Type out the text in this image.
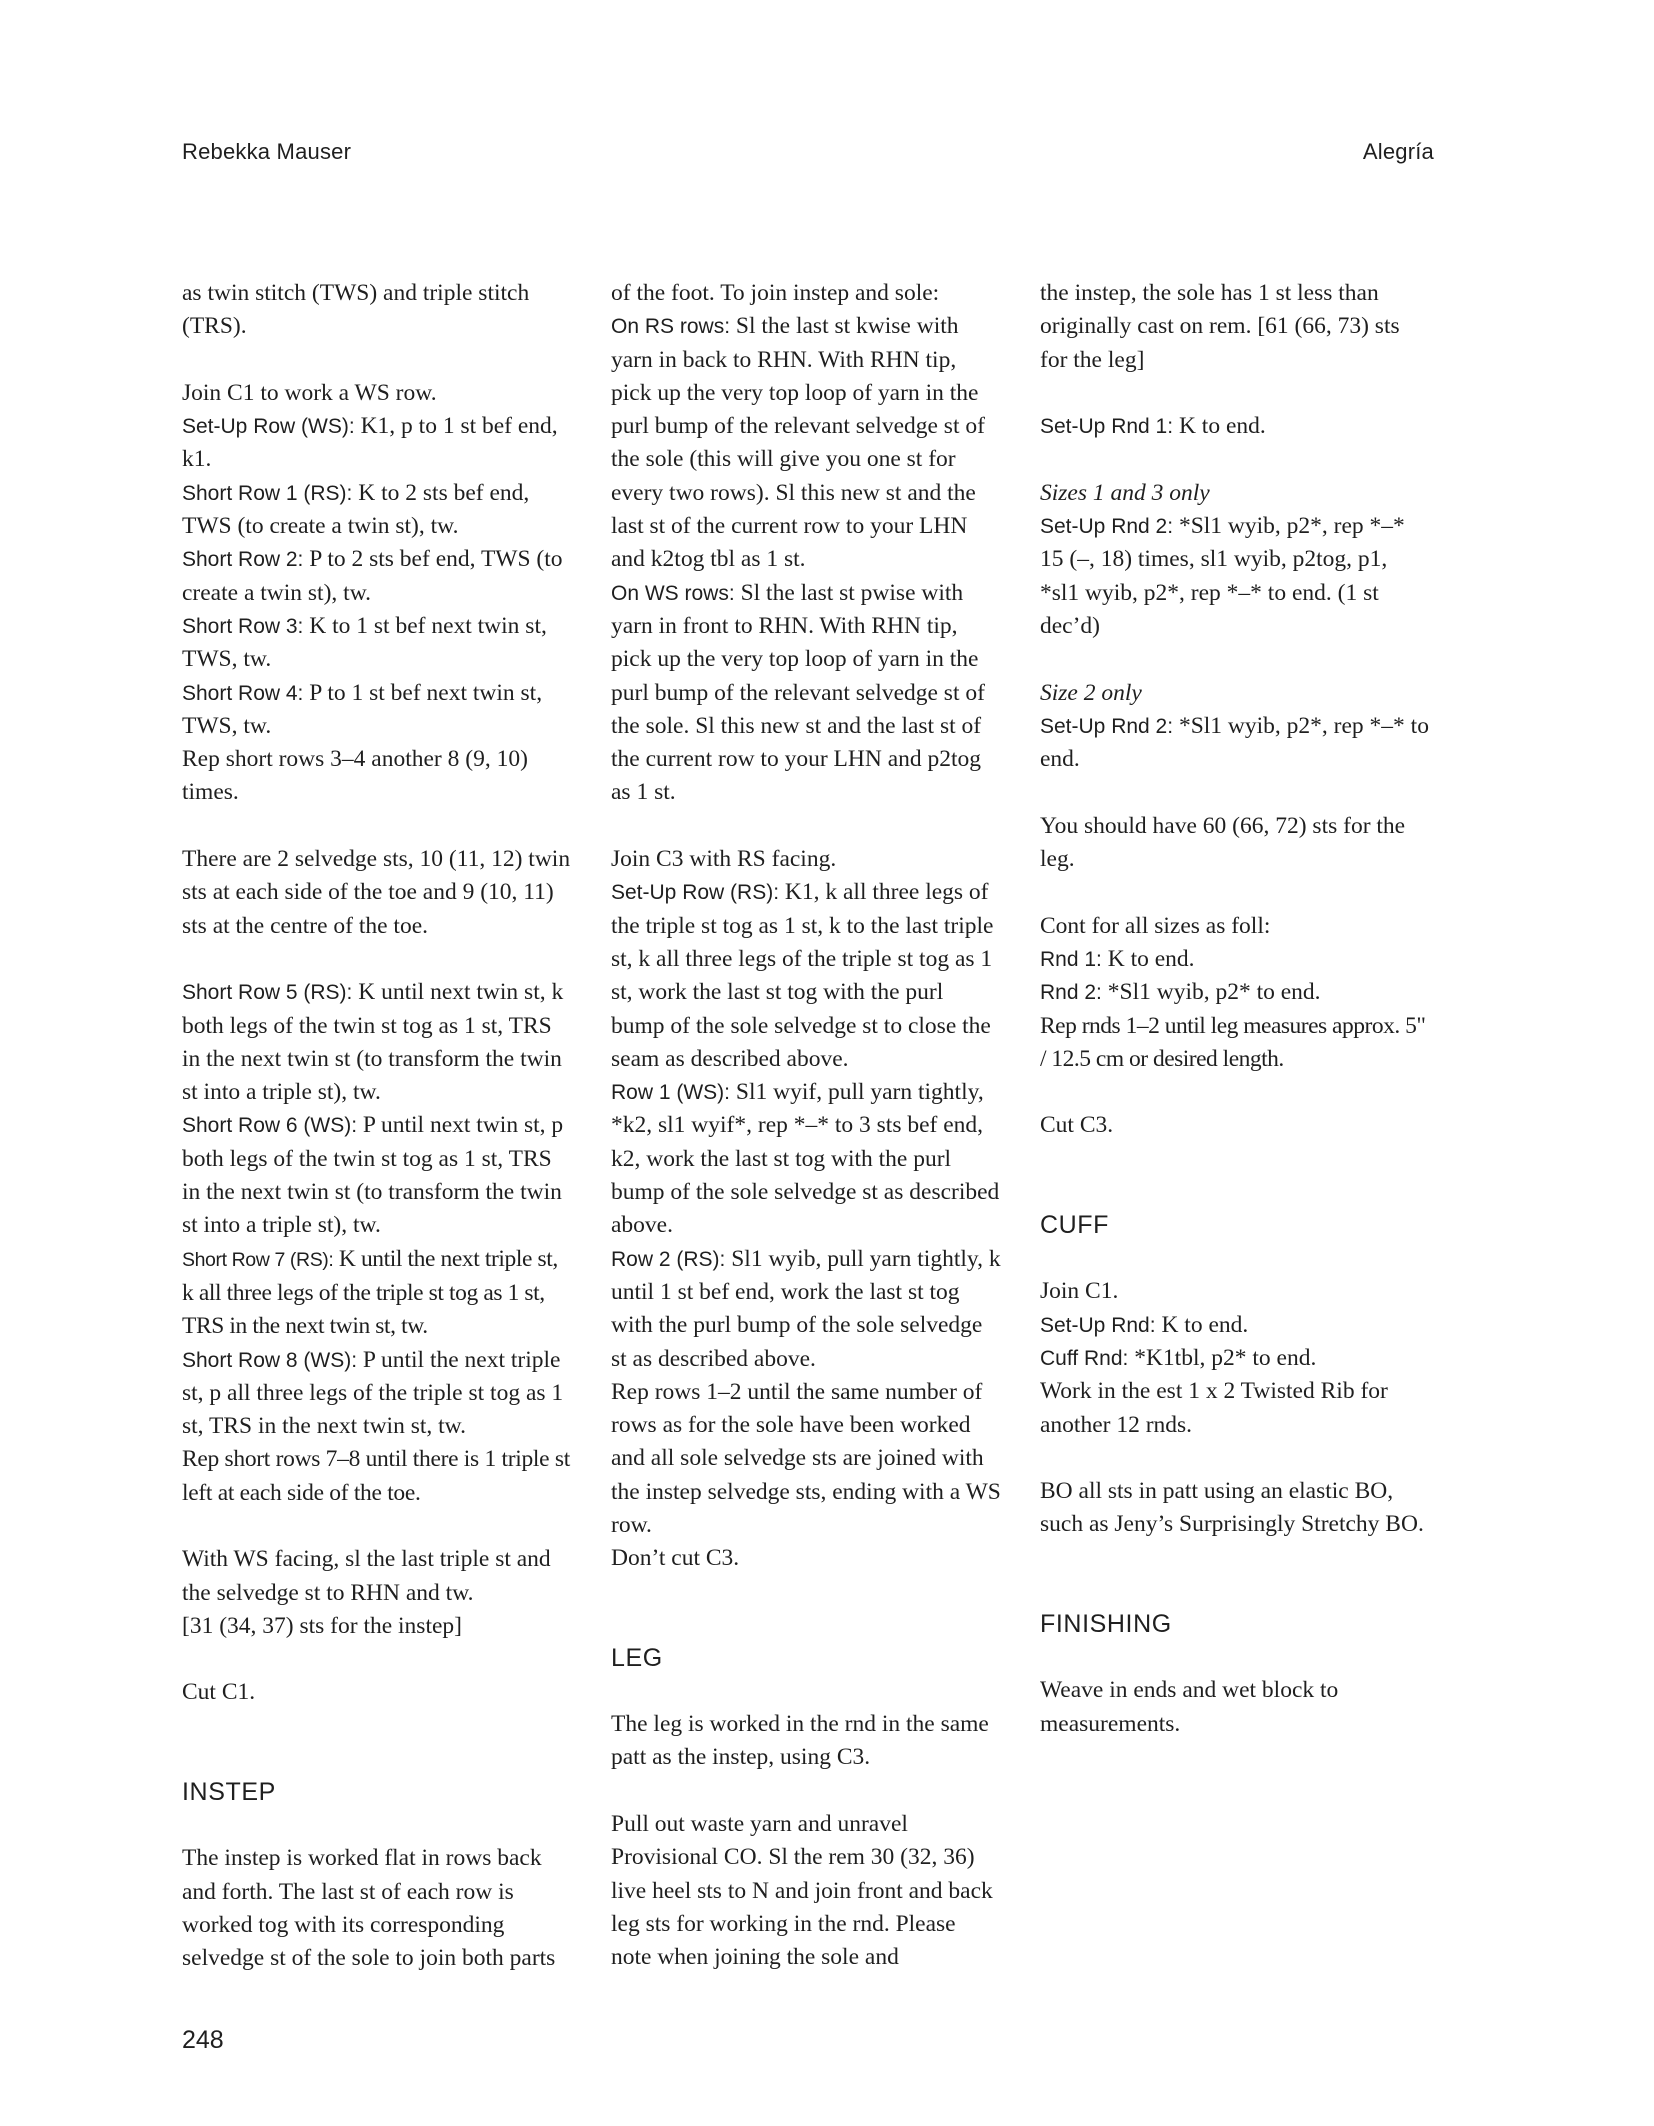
Rebekka Mauser	Alegría

as twin stitch (TWS) and triple stitch (TRS).

Join C1 to work a WS row.

Set-Up Row (WS): K1, p to 1 st bef end, k1.

Short Row 1 (RS): K to 2 sts bef end, TWS (to create a twin st), tw.

Short Row 2: P to 2 sts bef end, TWS (to create a twin st), tw.

Short Row 3: K to 1 st bef next twin st, TWS, tw.

Short Row 4: P to 1 st bef next twin st, TWS, tw.

Rep short rows 3–4 another 8 (9, 10) times.

There are 2 selvedge sts, 10 (11, 12) twin sts at each side of the toe and 9 (10, 11) sts at the centre of the toe.

Short Row 5 (RS): K until next twin st, k both legs of the twin st tog as 1 st, TRS in the next twin st (to transform the twin st into a triple st), tw.

Short Row 6 (WS): P until next twin st, p both legs of the twin st tog as 1 st, TRS in the next twin st (to transform the twin st into a triple st), tw.

Short Row 7 (RS): K until the next triple st, k all three legs of the triple st tog as 1 st, TRS in the next twin st, tw.

Short Row 8 (WS): P until the next triple st, p all three legs of the triple st tog as 1 st, TRS in the next twin st, tw.

Rep short rows 7–8 until there is 1 triple st left at each side of the toe.

With WS facing, sl the last triple st and the selvedge st to RHN and tw.

[31 (34, 37) sts for the instep]

Cut C1.

INSTEP

The instep is worked flat in rows back and forth. The last st of each row is worked tog with its corresponding selvedge st of the sole to join both parts

of the foot. To join instep and sole:

On RS rows: Sl the last st kwise with yarn in back to RHN. With RHN tip, pick up the very top loop of yarn in the purl bump of the relevant selvedge st of the sole (this will give you one st for every two rows). Sl this new st and the last st of the current row to your LHN and k2tog tbl as 1 st.

On WS rows: Sl the last st pwise with yarn in front to RHN. With RHN tip, pick up the very top loop of yarn in the purl bump of the relevant selvedge st of the sole. Sl this new st and the last st of the current row to your LHN and p2tog as 1 st.

Join C3 with RS facing.

Set-Up Row (RS): K1, k all three legs of the triple st tog as 1 st, k to the last triple st, k all three legs of the triple st tog as 1 st, work the last st tog with the purl bump of the sole selvedge st to close the seam as described above.

Row 1 (WS): Sl1 wyif, pull yarn tightly, *k2, sl1 wyif*, rep *–* to 3 sts bef end, k2, work the last st tog with the purl bump of the sole selvedge st as described above.

Row 2 (RS): Sl1 wyib, pull yarn tightly, k until 1 st bef end, work the last st tog with the purl bump of the sole selvedge st as described above.

Rep rows 1–2 until the same number of rows as for the sole have been worked and all sole selvedge sts are joined with the instep selvedge sts, ending with a WS row.

Don’t cut C3.

LEG

The leg is worked in the rnd in the same patt as the instep, using C3.

Pull out waste yarn and unravel Provisional CO. Sl the rem 30 (32, 36) live heel sts to N and join front and back leg sts for working in the rnd. Please note when joining the sole and

the instep, the sole has 1 st less than originally cast on rem. [61 (66, 73) sts for the leg]

Set-Up Rnd 1: K to end.

Sizes 1 and 3 only

Set-Up Rnd 2: *Sl1 wyib, p2*, rep *–* 15 (–, 18) times, sl1 wyib, p2tog, p1, *sl1 wyib, p2*, rep *–* to end. (1 st dec’d)

Size 2 only

Set-Up Rnd 2: *Sl1 wyib, p2*, rep *–* to end.

You should have 60 (66, 72) sts for the leg.

Cont for all sizes as foll:

Rnd 1: K to end.

Rnd 2: *Sl1 wyib, p2* to end.

Rep rnds 1–2 until leg measures approx. 5" / 12.5 cm or desired length.

Cut C3.

CUFF

Join C1.

Set-Up Rnd: K to end.

Cuff Rnd: *K1tbl, p2* to end.

Work in the est 1 x 2 Twisted Rib for another 12 rnds.

BO all sts in patt using an elastic BO, such as Jeny’s Surprisingly Stretchy BO.

FINISHING

Weave in ends and wet block to measurements.

248
